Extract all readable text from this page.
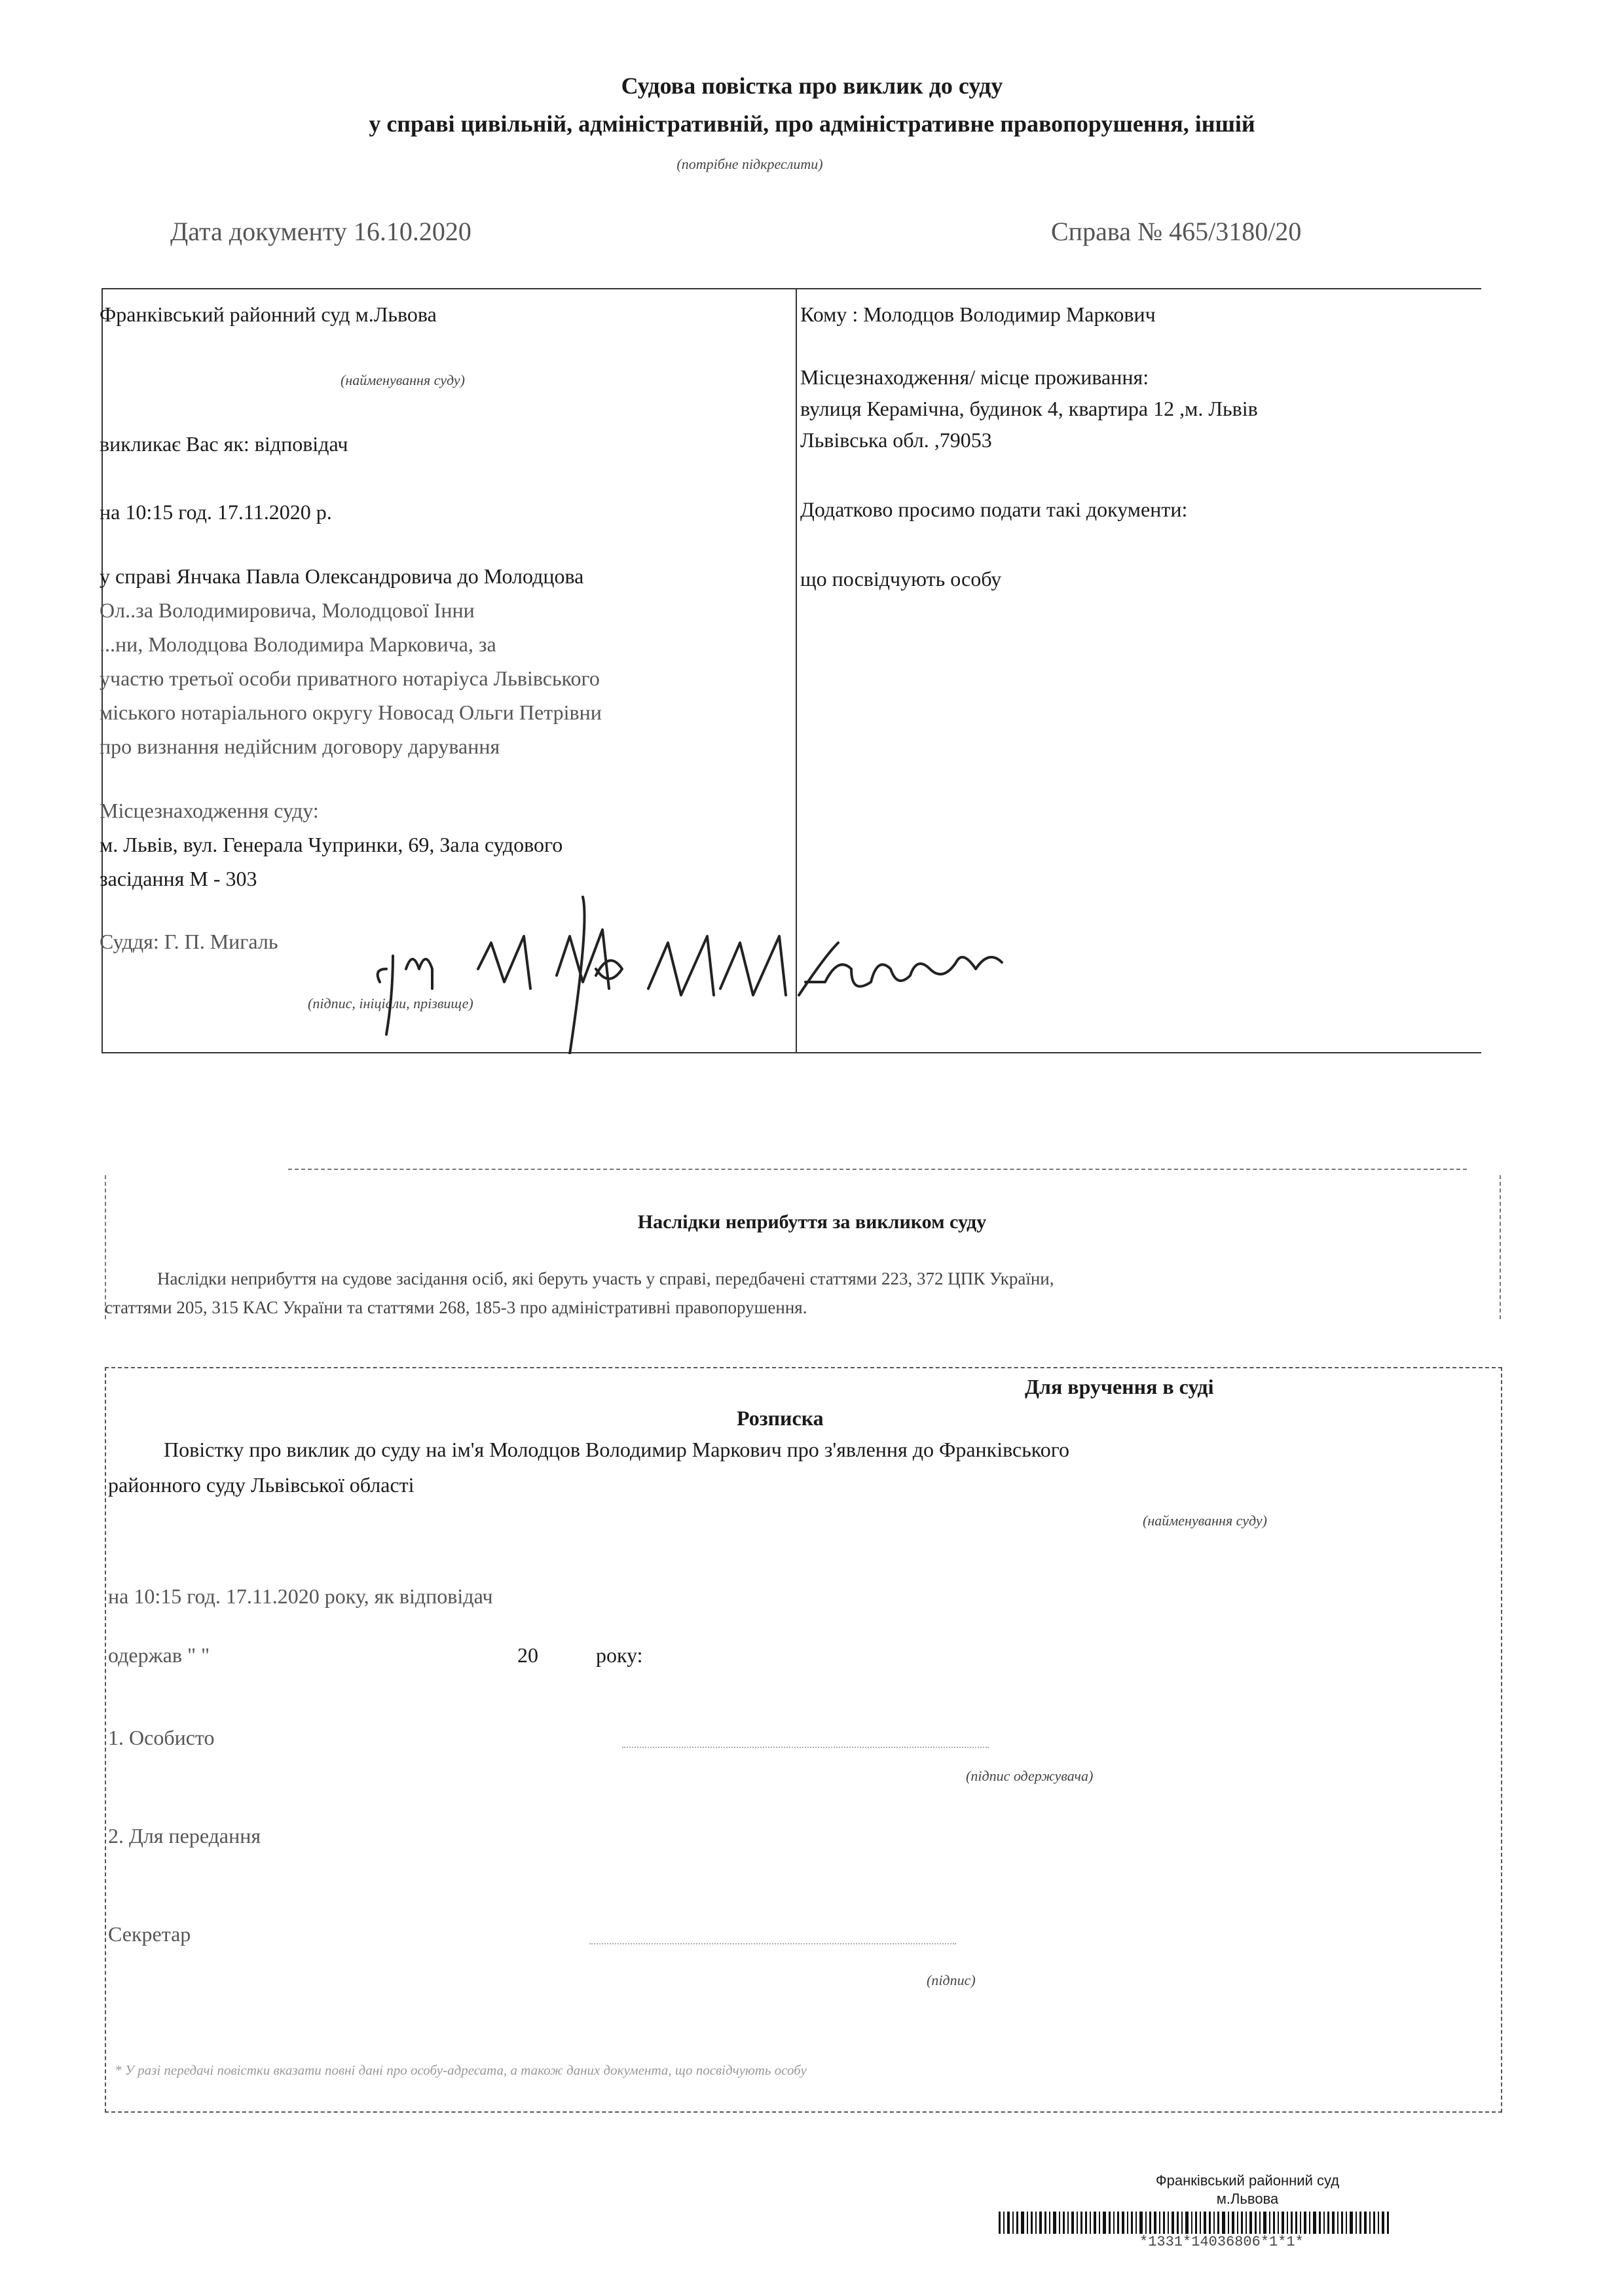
Судова повістка про виклик до суду
у справі цивільній, адміністративній, про адміністративне правопорушення, іншій
(потрібне підкреслити)
Дата документу 16.10.2020	Справа № 465/3180/20
Франківський районний суд м.Львова
(найменування суду)
викликає Вас як: відповідач
на 10:15 год. 17.11.2020 р.
у справі Янчака Павла Олександровича до Молодцова
Ол..за Володимировича, Молодцової Інни
...ни, Молодцова Володимира Марковича, за
участю третьої особи приватного нотаріуса Львівського
міського нотаріального округу Новосад Ольги Петрівни
про визнання недійсним договору дарування
Місцезнаходження суду:
м. Львів, вул. Генерала Чупринки, 69, Зала судового
засідання М - 303
Суддя: Г. П. Мигаль
(підпис, ініціали, прізвище)
Кому : Молодцов Володимир Маркович
Місцезнаходження/ місце проживання:
вулиця Керамічна, будинок 4, квартира 12 ,м. Львів
Львівська обл. ,79053
Додатково просимо подати такі документи:
що посвідчують особу
Наслідки неприбуття за викликом суду
Наслідки неприбуття на судове засідання осіб, які беруть участь у справі, передбачені статтями 223, 372 ЦПК України,
статтями 205, 315 КАС України та статтями 268, 185-3 про адміністративні правопорушення.
Для вручення в суді
Розписка
Повістку про виклик до суду на ім'я Молодцов Володимир Маркович про з'явлення до Франківського
районного суду Львівської області
(найменування суду)
на 10:15 год. 17.11.2020 року, як відповідач
одержав " "	20	року:
1. Особисто
(підпис одержувача)
2. Для передання
Секретар
(підпис)
* У разі передачі повістки вказати повні дані про особу-адресата, а також даних документа, що посвідчують особу
Франківський районний суд
м.Львова
*1331*14036806*1*1*
